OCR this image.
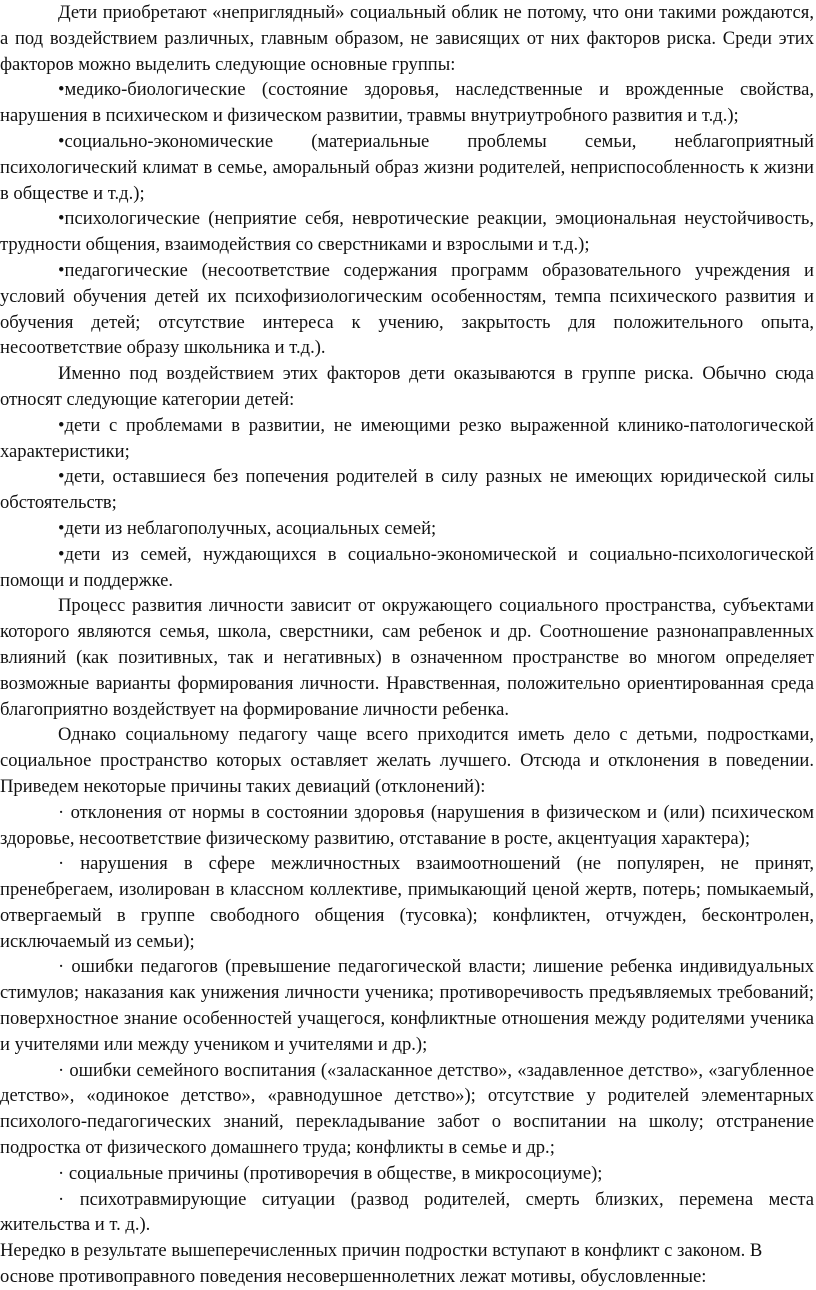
Дети приобретают «неприглядный» социальный облик не потому, что они такими рождаются, а под воздействием различных, главным образом, не зависящих от них факторов риска. Среди этих факторов можно выделить следующие основные группы:

•медико-биологические (состояние здоровья, наследственные и врожденные свойства, нарушения в психическом и физическом развитии, травмы внутриутробного развития и т.д.);

•социально-экономические (материальные проблемы семьи, неблагоприятный психологический климат в семье, аморальный образ жизни родителей, неприспособленность к жизни в обществе и т.д.);

•психологические (неприятие себя, невротические реакции, эмоциональная неустойчивость, трудности общения, взаимодействия со сверстниками и взрослыми и т.д.);

•педагогические (несоответствие содержания программ образовательного учреждения и условий обучения детей их психофизиологическим особенностям, темпа психического развития и обучения детей; отсутствие интереса к учению, закрытость для положительного опыта, несоответствие образу школьника и т.д.).

Именно под воздействием этих факторов дети оказываются в группе риска. Обычно сюда относят следующие категории детей:

•дети с проблемами в развитии, не имеющими резко выраженной клинико-патологической характеристики;

•дети, оставшиеся без попечения родителей в силу разных не имеющих юридической силы обстоятельств;

•дети из неблагополучных, асоциальных семей;

•дети из семей, нуждающихся в социально-экономической и социально-психологической помощи и поддержке.

Процесс развития личности зависит от окружающего социального пространства, субъектами которого являются семья, школа, сверстники, сам ребенок и др. Соотношение разнонаправленных влияний (как позитивных, так и негативных) в означенном пространстве во многом определяет возможные варианты формирования личности. Нравственная, положительно ориентированная среда благоприятно воздействует на формирование личности ребенка.

Однако социальному педагогу чаще всего приходится иметь дело с детьми, подростками, социальное пространство которых оставляет желать лучшего. Отсюда и отклонения в поведении. Приведем некоторые причины таких девиаций (отклонений):

· отклонения от нормы в состоянии здоровья (нарушения в физическом и (или) психическом здоровье, несоответствие физическому развитию, отставание в росте, акцентуация характера);

· нарушения в сфере межличностных взаимоотношений (не популярен, не принят, пренебрегаем, изолирован в классном коллективе, примыкающий ценой жертв, потерь; помыкаемый, отвергаемый в группе свободного общения (тусовка); конфликтен, отчужден, бесконтролен, исключаемый из семьи);

· ошибки педагогов (превышение педагогической власти; лишение ребенка индивидуальных стимулов; наказания как унижения личности ученика; противоречивость предъявляемых требований; поверхностное знание особенностей учащегося, конфликтные отношения между родителями ученика и учителями или между учеником и учителями и др.);

· ошибки семейного воспитания («заласканное детство», «задавленное детство», «загубленное детство», «одинокое детство», «равнодушное детство»); отсутствие у родителей элементарных психолого-педагогических знаний, перекладывание забот о воспитании на школу; отстранение подростка от физического домашнего труда; конфликты в семье и др.;

· социальные причины (противоречия в обществе, в микросоциуме);

· психотравмирующие ситуации (развод родителей, смерть близких, перемена места жительства и т. д.).

Нередко в результате вышеперечисленных причин подростки вступают в конфликт с законом. В основе противоправного поведения несовершеннолетних лежат мотивы, обусловленные:
